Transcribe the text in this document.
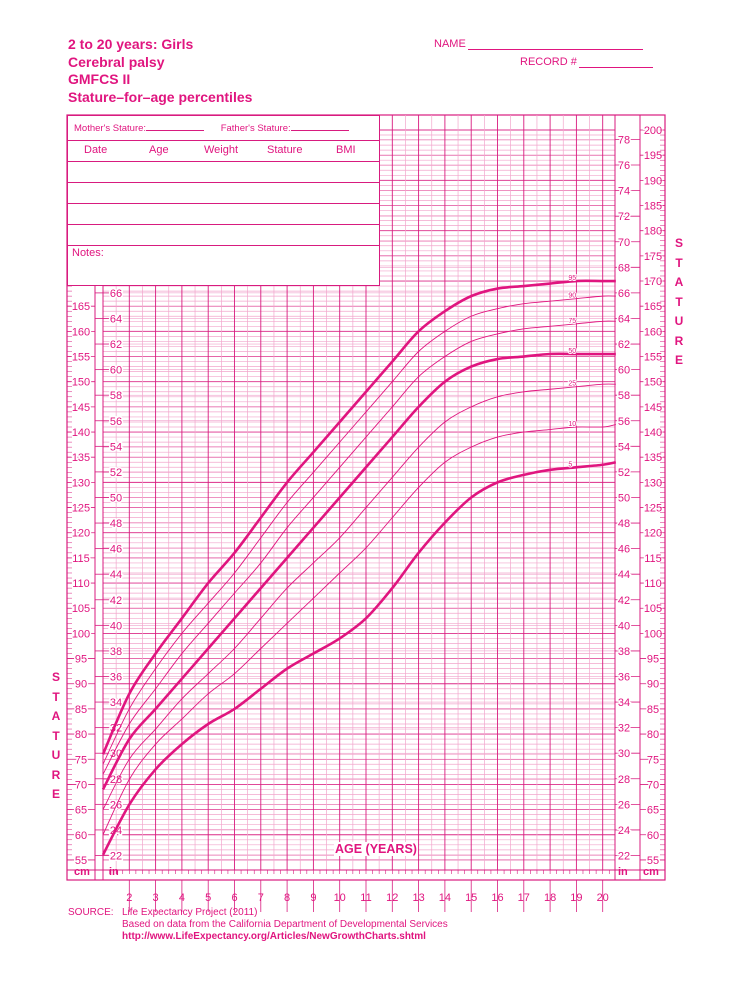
2 to 20 years: Girls
Cerebral palsy
GMFCS II
Stature–for–age percentiles
NAME
RECORD #
2 3 4 5 6 7 8 9 10 11 12 13 14 15 16 17 18 19 20
55
60
65
70
75
80
85
90
95
100
105
110
115
120
125
130
135
140
145
150
155
160
165
22
24
26
28
30
32
34
36
38
40
42
44
46
48
50
52
54
56
58
60
62
64
66
22
24
26
28
30
32
34
36
38
40
42
44
46
48
50
52
54
56
58
60
62
64
66
68
70
72
74
76
78
55
60
65
70
75
80
85
90
95
100
105
110
115
120
125
130
135
140
145
150
155
160
165
170
175
180
185
190
195
200
95
90
75
50
25
10
5
Mother's Stature:	Father's Stature:
Date	Age	Weight	Stature	BMI
Notes:
S
T
A
T
U
R
E
S
T
A
T
U
R
E
AGE (YEARS)
cm in	in cm
SOURCE: Life Expectancy Project (2011)
Based on data from the California Department of Developmental Services
http://www.LifeExpectancy.org/Articles/NewGrowthCharts.shtml
